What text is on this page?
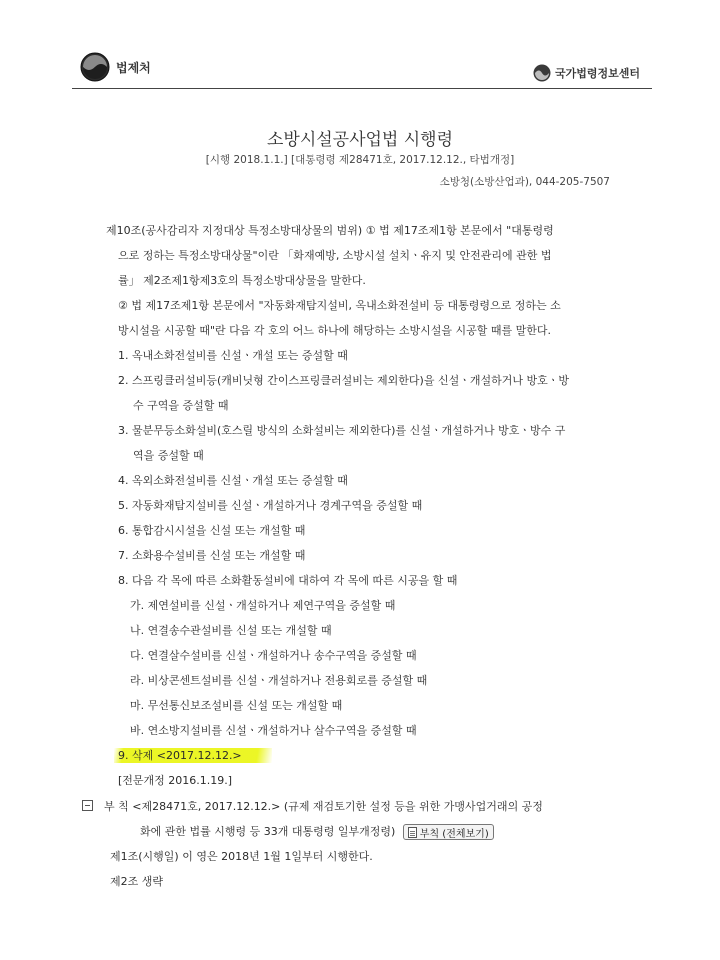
법제처	국가법령정보센터
소방시설공사업법 시행령
[시행 2018.1.1.] [대통령령 제28471호, 2017.12.12., 타법개정]
소방청(소방산업과), 044-205-7507
제10조(공사감리자 지정대상 특정소방대상물의 범위) ① 법 제17조제1항 본문에서 "대통령령
으로 정하는 특정소방대상물"이란 「화재예방, 소방시설 설치ㆍ유지 및 안전관리에 관한 법
률」 제2조제1항제3호의 특정소방대상물을 말한다.
② 법 제17조제1항 본문에서 "자동화재탐지설비, 옥내소화전설비 등 대통령령으로 정하는 소
방시설을 시공할 때"란 다음 각 호의 어느 하나에 해당하는 소방시설을 시공할 때를 말한다.
1. 옥내소화전설비를 신설ㆍ개설 또는 증설할 때
2. 스프링클러설비등(캐비닛형 간이스프링클러설비는 제외한다)을 신설ㆍ개설하거나 방호ㆍ방
수 구역을 증설할 때
3. 물분무등소화설비(호스릴 방식의 소화설비는 제외한다)를 신설ㆍ개설하거나 방호ㆍ방수 구
역을 증설할 때
4. 옥외소화전설비를 신설ㆍ개설 또는 증설할 때
5. 자동화재탐지설비를 신설ㆍ개설하거나 경계구역을 증설할 때
6. 통합감시시설을 신설 또는 개설할 때
7. 소화용수설비를 신설 또는 개설할 때
8. 다음 각 목에 따른 소화활동설비에 대하여 각 목에 따른 시공을 할 때
가. 제연설비를 신설ㆍ개설하거나 제연구역을 증설할 때
나. 연결송수관설비를 신설 또는 개설할 때
다. 연결살수설비를 신설ㆍ개설하거나 송수구역을 증설할 때
라. 비상콘센트설비를 신설ㆍ개설하거나 전용회로를 증설할 때
마. 무선통신보조설비를 신설 또는 개설할 때
바. 연소방지설비를 신설ㆍ개설하거나 살수구역을 증설할 때
9. 삭제 <2017.12.12.>
[전문개정 2016.1.19.]
부 칙 <제28471호, 2017.12.12.> (규제 재검토기한 설정 등을 위한 가맹사업거래의 공정
화에 관한 법률 시행령 등 33개 대통령령 일부개정령) 부칙 (전체보기)
제1조(시행일) 이 영은 2018년 1월 1일부터 시행한다.
제2조 생략
